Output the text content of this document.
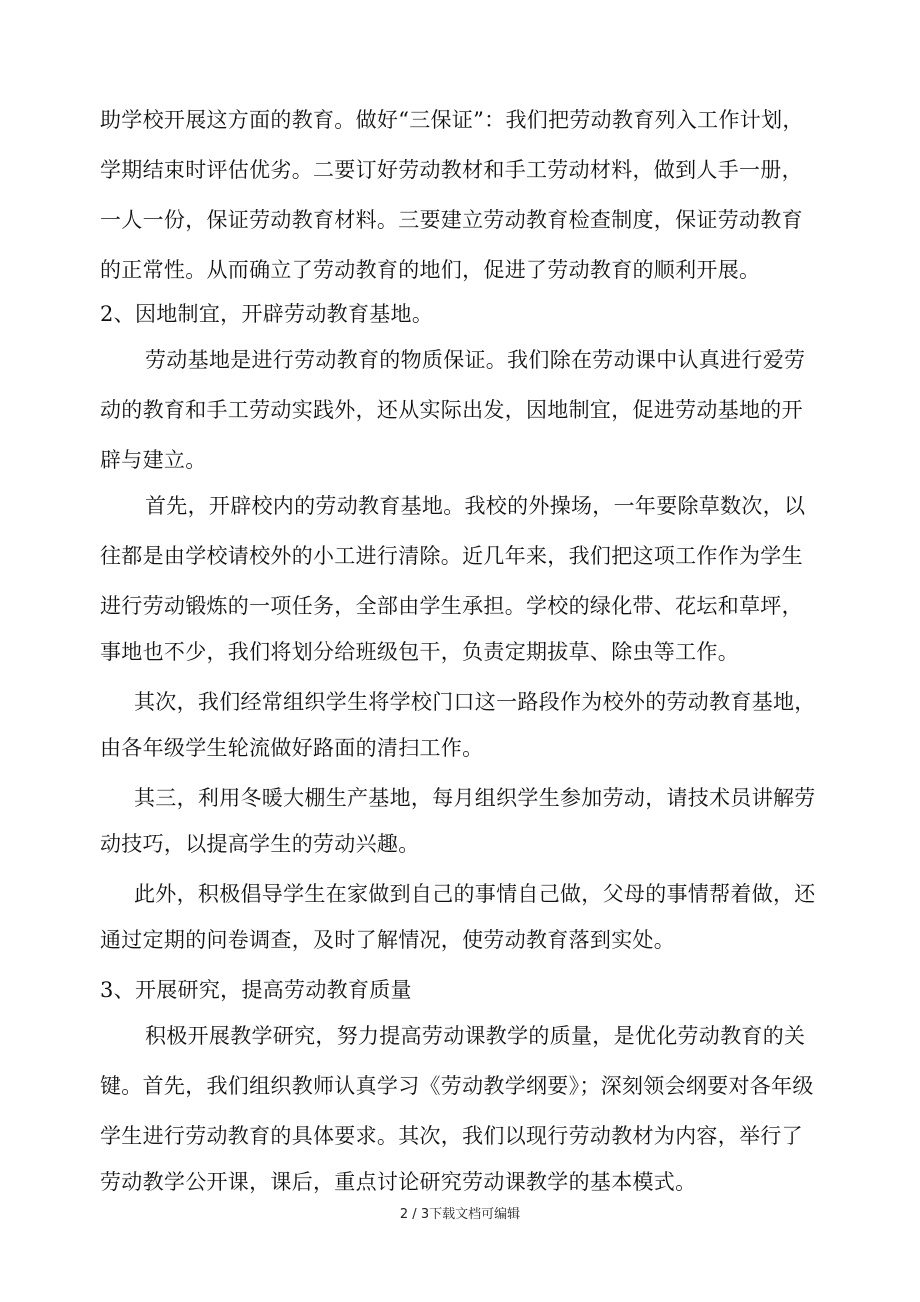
助学校开展这方面的教育。做好“三保证”：我们把劳动教育列入工作计划，
学期结束时评估优劣。二要订好劳动教材和手工劳动材料，做到人手一册，
一人一份，保证劳动教育材料。三要建立劳动教育检查制度，保证劳动教育
的正常性。从而确立了劳动教育的地们，促进了劳动教育的顺利开展。
2、因地制宜，开辟劳动教育基地。
劳动基地是进行劳动教育的物质保证。我们除在劳动课中认真进行爱劳
动的教育和手工劳动实践外，还从实际出发，因地制宜，促进劳动基地的开
辟与建立。
首先，开辟校内的劳动教育基地。我校的外操场，一年要除草数次，以
往都是由学校请校外的小工进行清除。近几年来，我们把这项工作作为学生
进行劳动锻炼的一项任务，全部由学生承担。学校的绿化带、花坛和草坪，
事地也不少，我们将划分给班级包干，负责定期拔草、除虫等工作。
其次，我们经常组织学生将学校门口这一路段作为校外的劳动教育基地，
由各年级学生轮流做好路面的清扫工作。
其三，利用冬暖大棚生产基地，每月组织学生参加劳动，请技术员讲解劳
动技巧，以提高学生的劳动兴趣。
此外，积极倡导学生在家做到自己的事情自己做，父母的事情帮着做，还
通过定期的问卷调查，及时了解情况，使劳动教育落到实处。
3、开展研究，提高劳动教育质量
积极开展教学研究，努力提高劳动课教学的质量，是优化劳动教育的关
键。首先，我们组织教师认真学习《劳动教学纲要》；深刻领会纲要对各年级
学生进行劳动教育的具体要求。其次，我们以现行劳动教材为内容，举行了
劳动教学公开课，课后，重点讨论研究劳动课教学的基本模式。
2 / 3下载文档可编辑
